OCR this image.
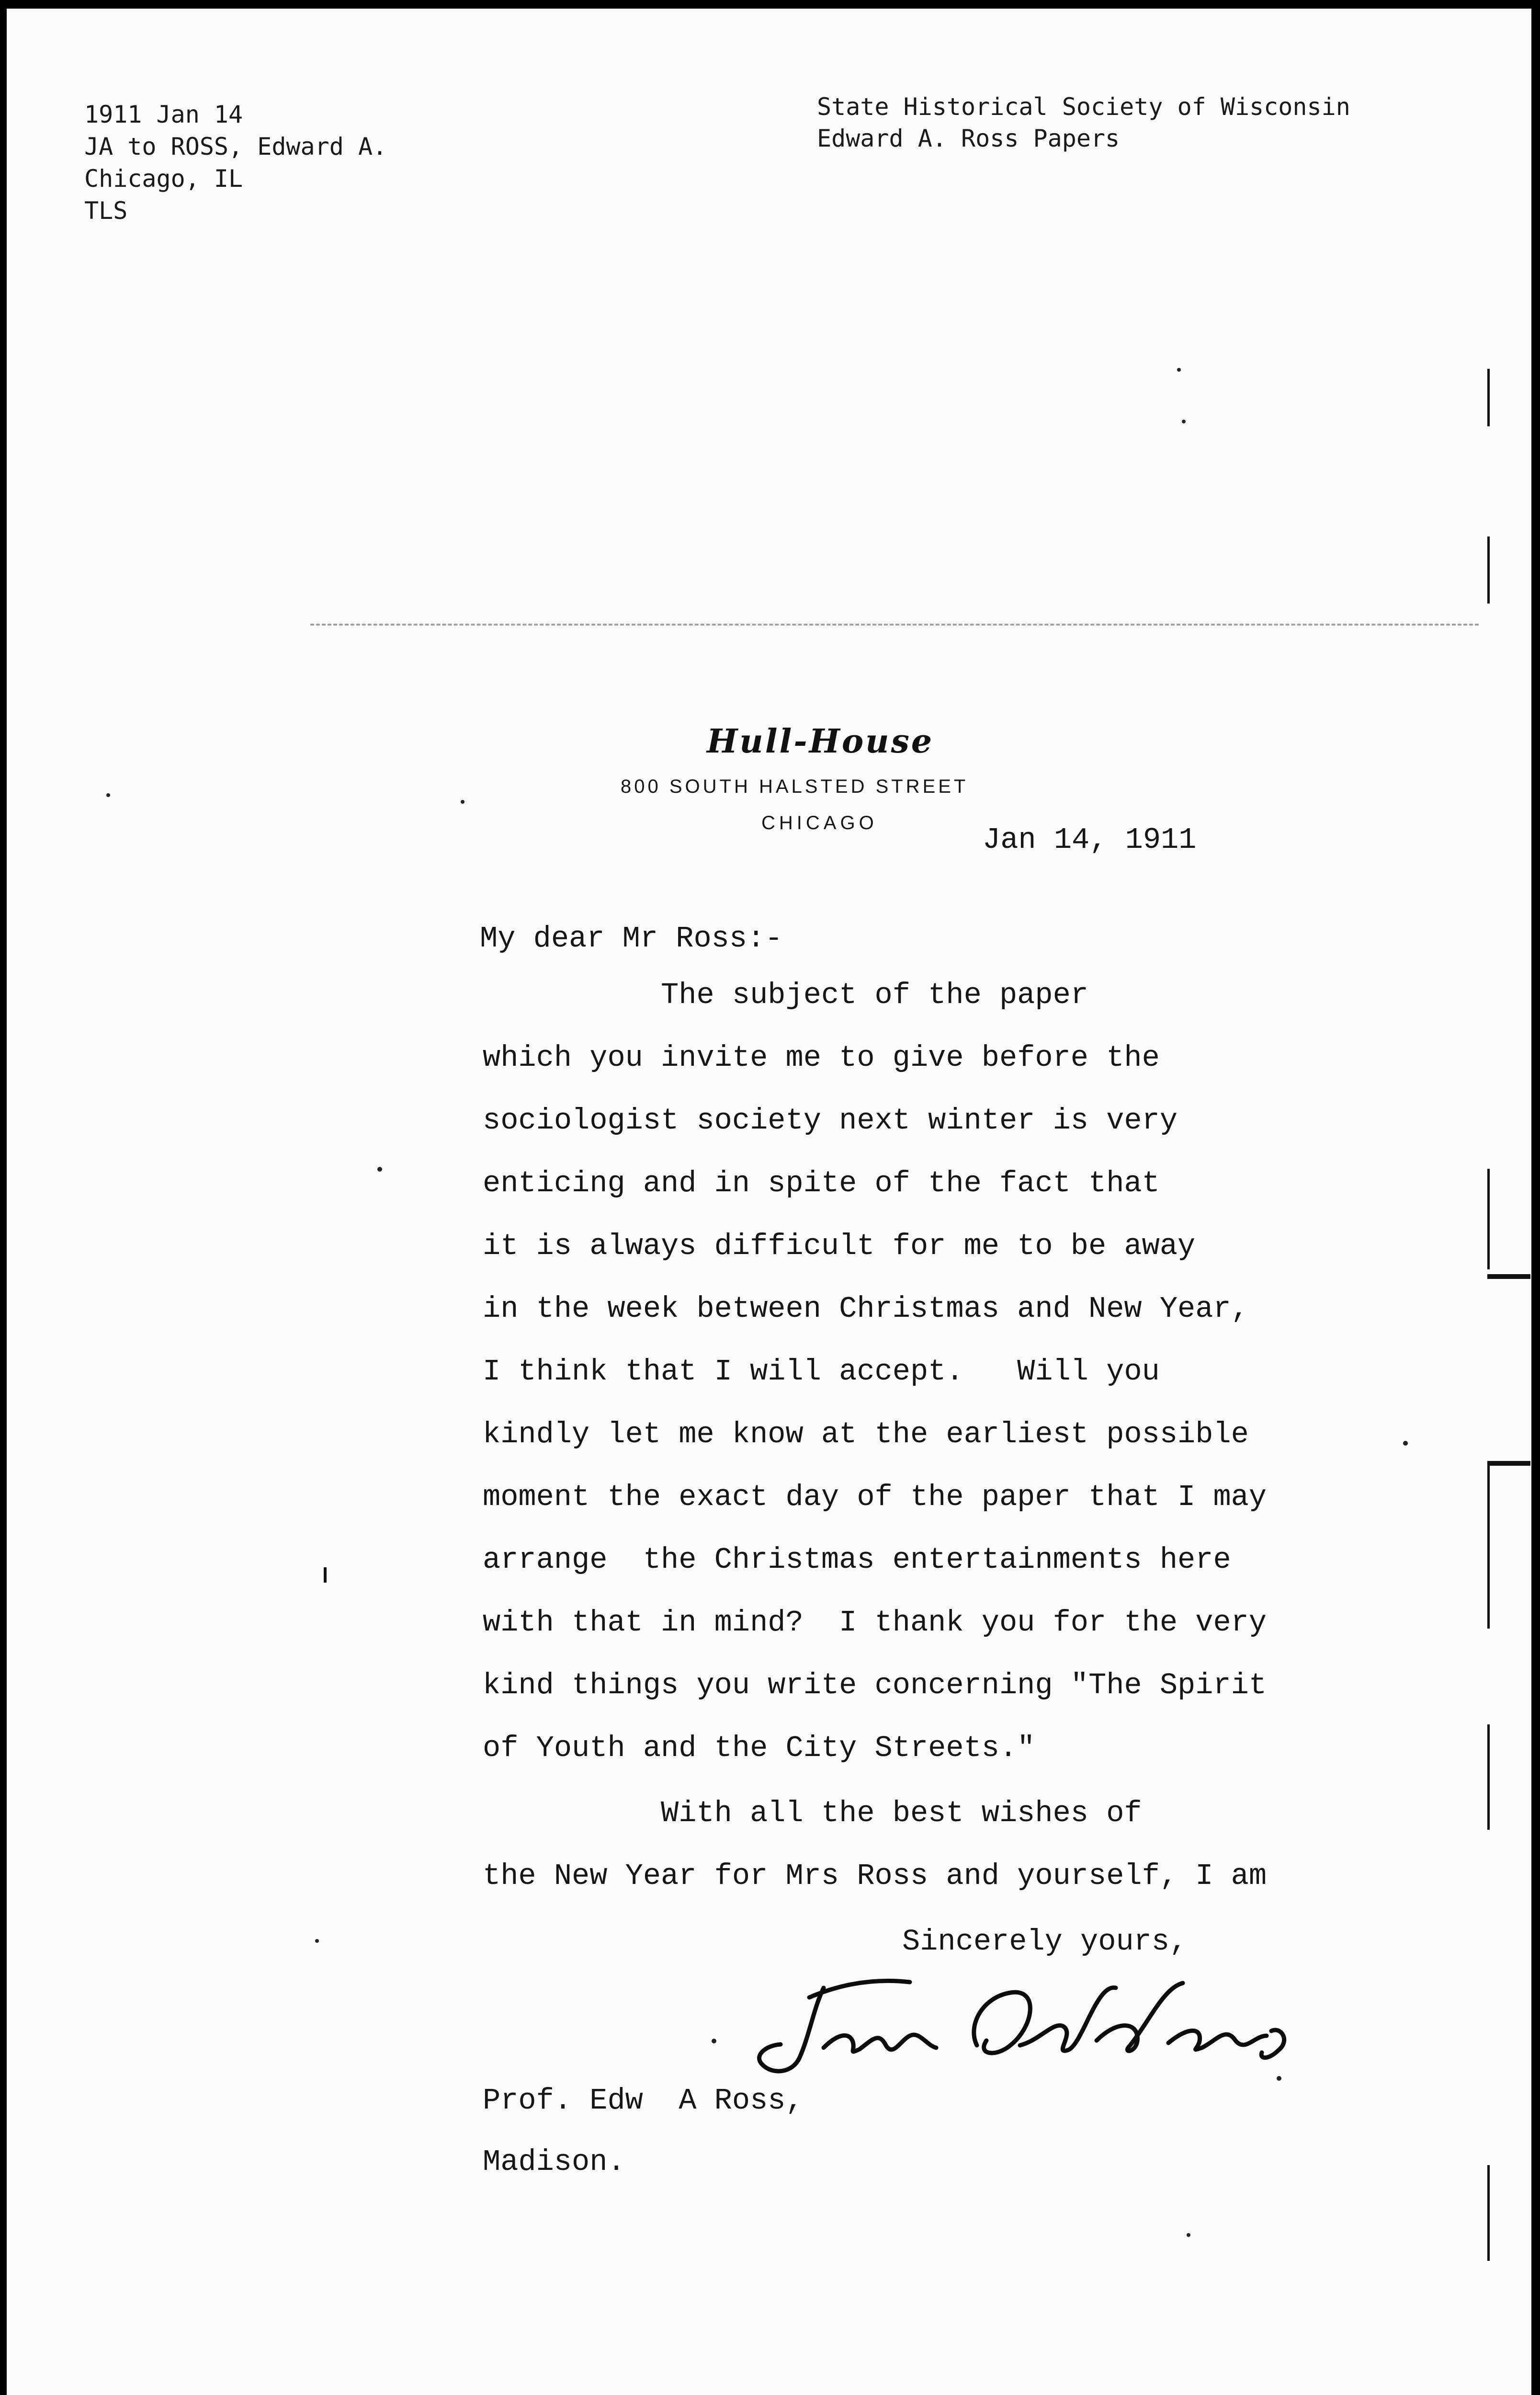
1911 Jan 14
JA to ROSS, Edward A.
Chicago, IL
TLS
State Historical Society of Wisconsin
Edward A. Ross Papers
Hull-House
800 SOUTH HALSTED STREET
CHICAGO	Jan 14, 1911
My dear Mr Ross:-
The subject of the paper
which you invite me to give before the
sociologist society next winter is very
enticing and in spite of the fact that
it is always difficult for me to be away
in the week between Christmas and New Year,
I think that I will accept.   Will you
kindly let me know at the earliest possible
moment the exact day of the paper that I may
arrange  the Christmas entertainments here
with that in mind?  I thank you for the very
kind things you write concerning "The Spirit
of Youth and the City Streets."
With all the best wishes of
the New Year for Mrs Ross and yourself, I am
Sincerely yours,
Prof. Edw  A Ross,
Madison.
